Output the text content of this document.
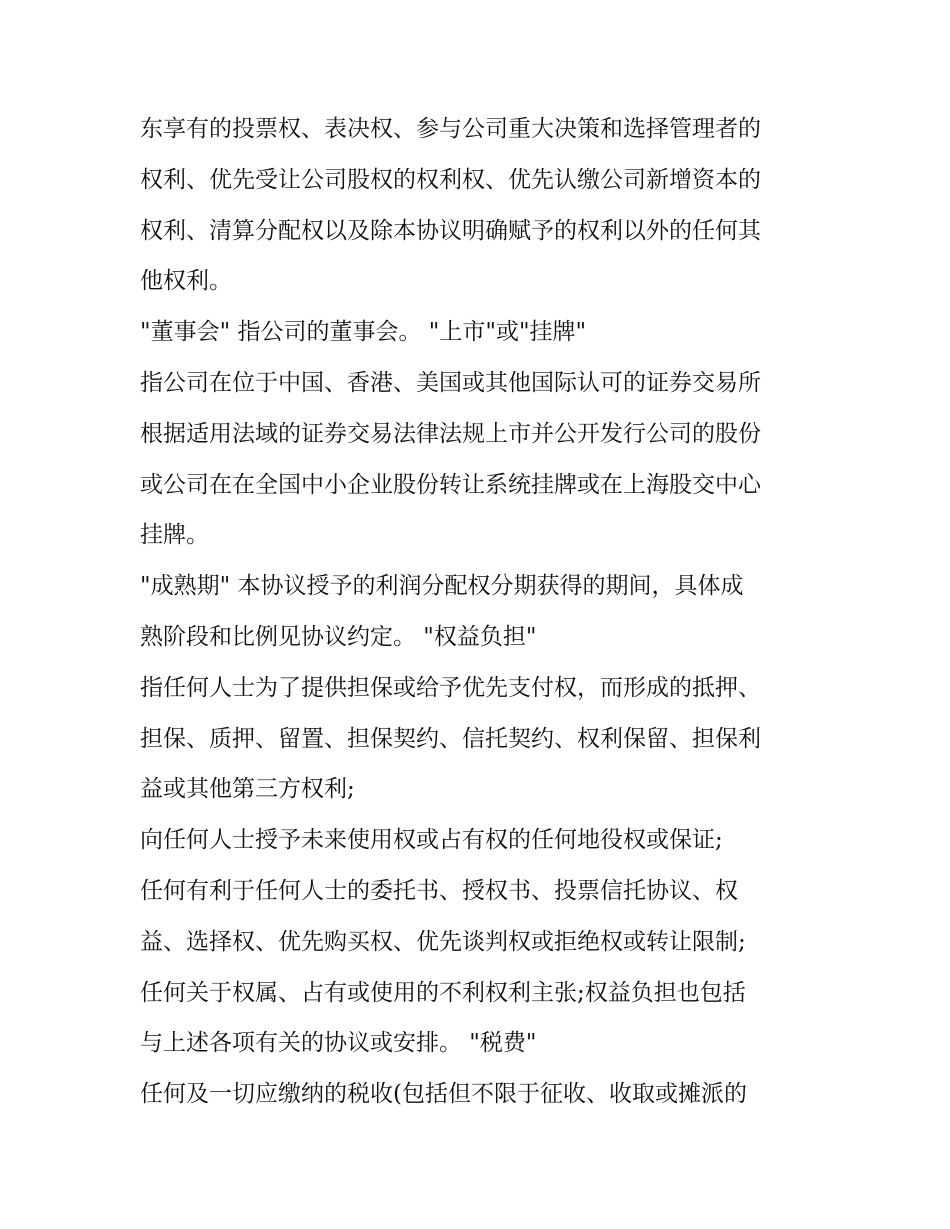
东享有的投票权、表决权、参与公司重大决策和选择管理者的
权利、优先受让公司股权的权利权、优先认缴公司新增资本的
权利、清算分配权以及除本协议明确赋予的权利以外的任何其
他权利。
"董事会" 指公司的董事会。 "上市"或"挂牌"
指公司在位于中国、香港、美国或其他国际认可的证券交易所
根据适用法域的证券交易法律法规上市并公开发行公司的股份
或公司在在全国中小企业股份转让系统挂牌或在上海股交中心
挂牌。
"成熟期" 本协议授予的利润分配权分期获得的期间，具体成
熟阶段和比例见协议约定。 "权益负担"
指任何人士为了提供担保或给予优先支付权，而形成的抵押、
担保、质押、留置、担保契约、信托契约、权利保留、担保利
益或其他第三方权利;
向任何人士授予未来使用权或占有权的任何地役权或保证;
任何有利于任何人士的委托书、授权书、投票信托协议、权
益、选择权、优先购买权、优先谈判权或拒绝权或转让限制;
任何关于权属、占有或使用的不利权利主张;权益负担也包括
与上述各项有关的协议或安排。 "税费"
任何及一切应缴纳的税收(包括但不限于征收、收取或摊派的
